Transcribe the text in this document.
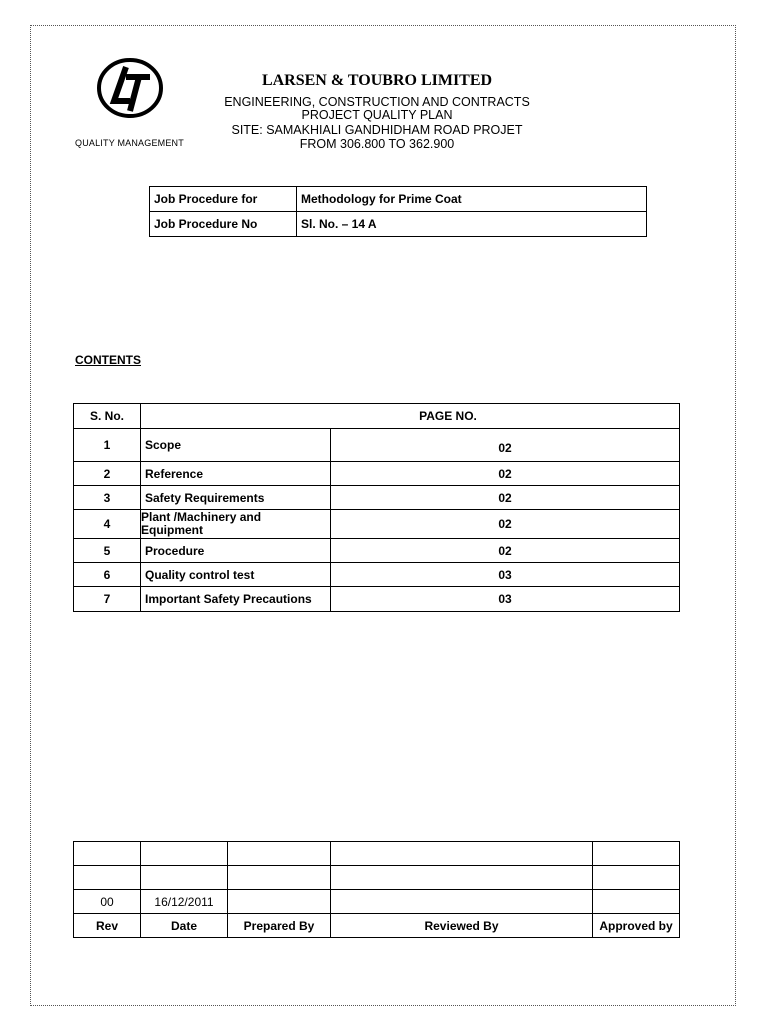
QUALITY MANAGEMENT
LARSEN & TOUBRO LIMITED
ENGINEERING, CONSTRUCTION AND CONTRACTS
PROJECT QUALITY PLAN
SITE: SAMAKHIALI GANDHIDHAM ROAD PROJET
FROM 306.800 TO 362.900
Job Procedure for	Methodology for Prime Coat
Job Procedure No	Sl. No. – 14 A
CONTENTS
S. No.	PAGE NO.	
1	Scope	02
2	Reference	02
3	Safety Requirements	02
4	Plant /Machinery and Equipment	02
5	Procedure	02
6	Quality control test	03
7	Important Safety Precautions	03

00	16/12/2011			
Rev	Date	Prepared By	Reviewed By	Approved by
